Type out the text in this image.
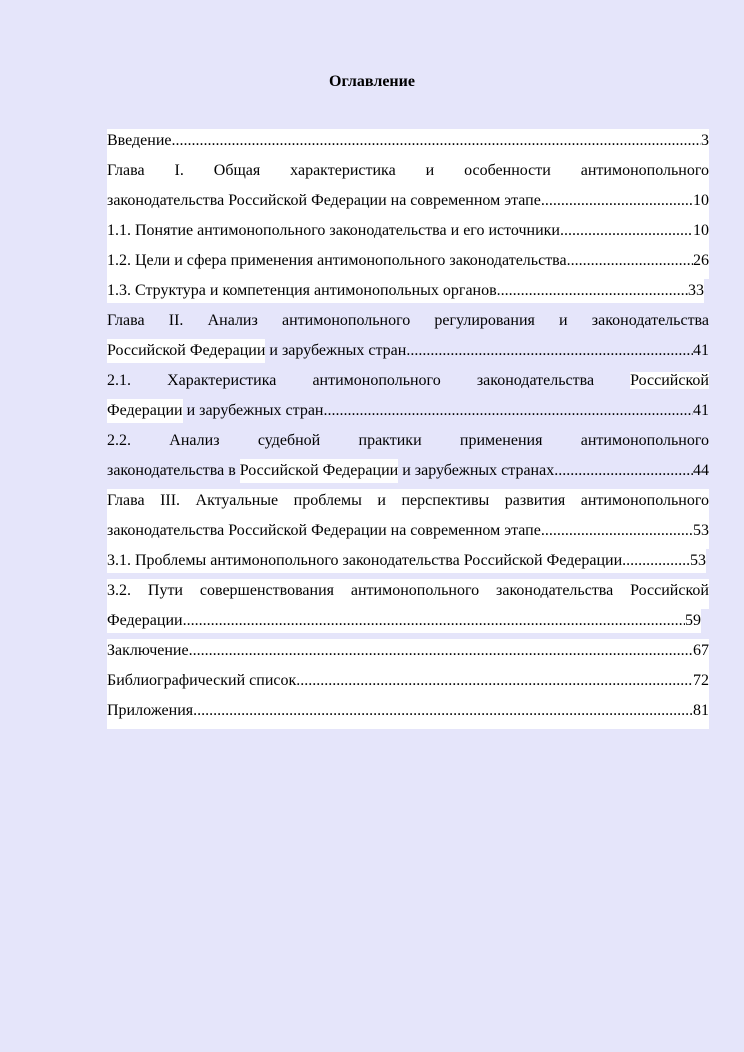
Оглавление
Введение .....	3
Глава I. Общая характеристика и особенности антимонопольного
законодательства Российской Федерации на современном этапе .....	10
1.1. Понятие антимонопольного законодательства и его источники .....	10
1.2. Цели и сфера применения антимонопольного законодательства .....	26
1.3. Структура и компетенция антимонопольных органов .....	33
Глава II. Анализ антимонопольного регулирования и законодательства
Российской Федерации и зарубежных стран .....	41
2.1. Характеристика антимонопольного законодательства Российской
Федерации и зарубежных стран .....	41
2.2. Анализ судебной практики применения антимонопольного
законодательства в Российской Федерации и зарубежных странах .....	44
Глава III. Актуальные проблемы и перспективы развития антимонопольного
законодательства Российской Федерации на современном этапе .....	53
3.1. Проблемы антимонопольного законодательства Российской Федерации .....	53
3.2. Пути совершенствования антимонопольного законодательства Российской
Федерации .....	59
Заключение .....	67
Библиографический список .....	72
Приложения .....	81
